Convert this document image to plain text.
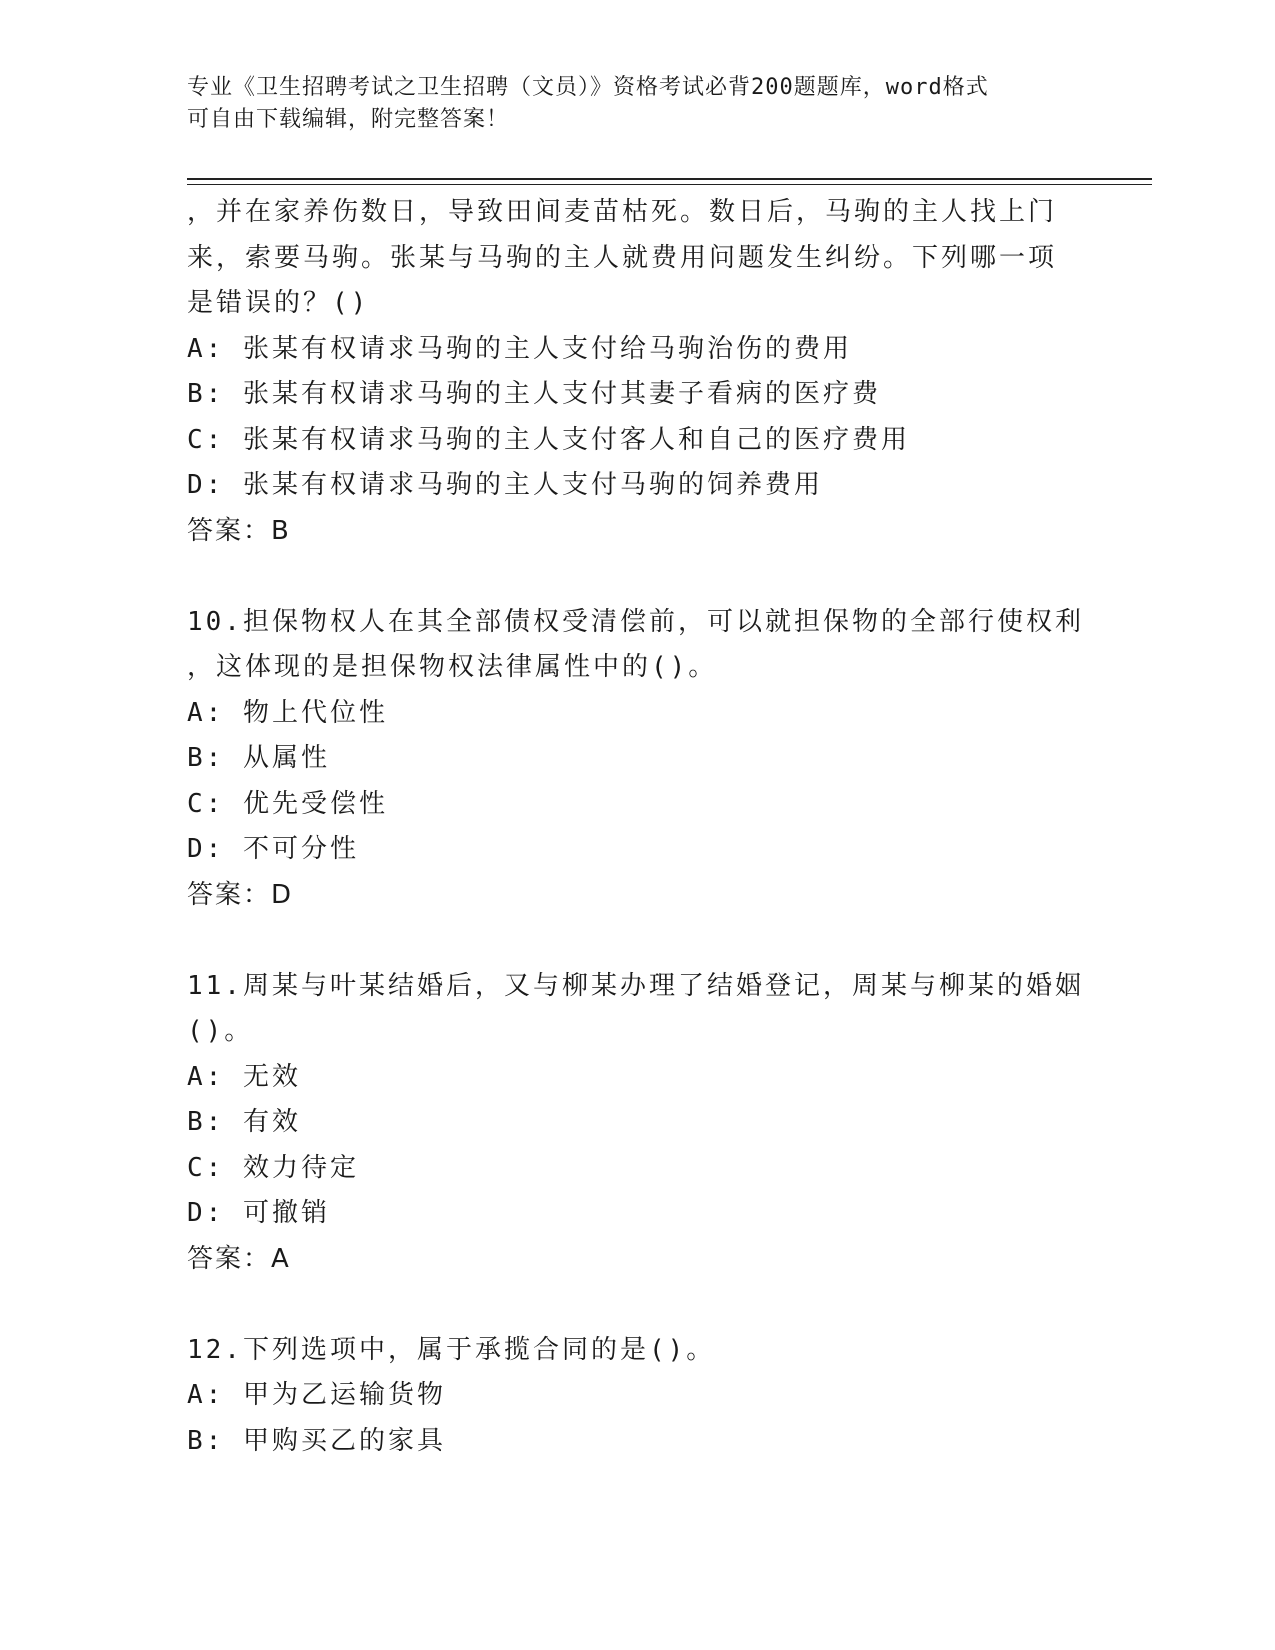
专业《卫生招聘考试之卫生招聘（文员）》资格考试必背200题题库，word格式
可自由下载编辑，附完整答案！
，并在家养伤数日，导致田间麦苗枯死。数日后，马驹的主人找上门
来，索要马驹。张某与马驹的主人就费用问题发生纠纷。下列哪一项
是错误的？()
A: 张某有权请求马驹的主人支付给马驹治伤的费用
B: 张某有权请求马驹的主人支付其妻子看病的医疗费
C: 张某有权请求马驹的主人支付客人和自己的医疗费用
D: 张某有权请求马驹的主人支付马驹的饲养费用
答案：B
10.担保物权人在其全部债权受清偿前，可以就担保物的全部行使权利
，这体现的是担保物权法律属性中的()。
A: 物上代位性
B: 从属性
C: 优先受偿性
D: 不可分性
答案：D
11.周某与叶某结婚后，又与柳某办理了结婚登记，周某与柳某的婚姻
()。
A: 无效
B: 有效
C: 效力待定
D: 可撤销
答案：A
12.下列选项中，属于承揽合同的是()。
A: 甲为乙运输货物
B: 甲购买乙的家具
